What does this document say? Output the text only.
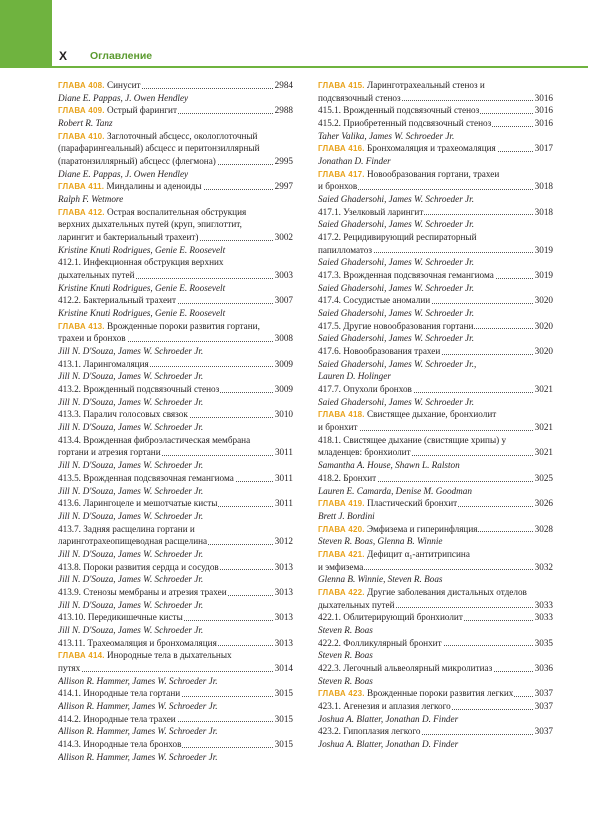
X Оглавление
ГЛАВА 408. Синусит	2984
Diane E. Pappas, J. Owen Hendley
ГЛАВА 409. Острый фарингит	2988
Robert R. Tanz
ГЛАВА 410. Заглоточный абсцесс, окологлоточный
(парафарингеальный) абсцесс и перитонзиллярный
(паратонзиллярный) абсцесс (флегмона)	2995
Diane E. Pappas, J. Owen Hendley
ГЛАВА 411. Миндалины и аденоиды	2997
Ralph F. Wetmore
ГЛАВА 412. Острая воспалительная обструкция
верхних дыхательных путей (круп, эпиглоттит,
ларингит и бактериальный трахеит)	3002
Kristine Knuti Rodrigues, Genie E. Roosevelt
412.1. Инфекционная обструкция верхних
дыхательных путей	3003
Kristine Knuti Rodrigues, Genie E. Roosevelt
412.2. Бактериальный трахеит	3007
Kristine Knuti Rodrigues, Genie E. Roosevelt
ГЛАВА 413. Врожденные пороки развития гортани,
трахеи и бронхов	3008
Jill N. D'Souza, James W. Schroeder Jr.
413.1. Ларингомаляция	3009
Jill N. D'Souza, James W. Schroeder Jr.
413.2. Врожденный подсвязочный стеноз	3009
Jill N. D'Souza, James W. Schroeder Jr.
413.3. Паралич голосовых связок	3010
Jill N. D'Souza, James W. Schroeder Jr.
413.4. Врожденная фиброэластическая мембрана
гортани и атрезия гортани	3011
Jill N. D'Souza, James W. Schroeder Jr.
413.5. Врожденная подсвязочная гемангиома	3011
Jill N. D'Souza, James W. Schroeder Jr.
413.6. Ларингоцеле и мешотчатые кисты	3011
Jill N. D'Souza, James W. Schroeder Jr.
413.7. Задняя расщелина гортани и
ларинготрахеопищеводная расщелина	3012
Jill N. D'Souza, James W. Schroeder Jr.
413.8. Пороки развития сердца и сосудов	3013
Jill N. D'Souza, James W. Schroeder Jr.
413.9. Стенозы мембраны и атрезия трахеи	3013
Jill N. D'Souza, James W. Schroeder Jr.
413.10. Передикишечные кисты	3013
Jill N. D'Souza, James W. Schroeder Jr.
413.11. Трахеомаляция и бронхомаляция	3013
ГЛАВА 414. Инородные тела в дыхательных
путях	3014
Allison R. Hammer, James W. Schroeder Jr.
414.1. Инородные тела гортани	3015
Allison R. Hammer, James W. Schroeder Jr.
414.2. Инородные тела трахеи	3015
Allison R. Hammer, James W. Schroeder Jr.
414.3. Инородные тела бронхов	3015
Allison R. Hammer, James W. Schroeder Jr.
ГЛАВА 415. Ларинготрахеальный стеноз и
подсвязочный стеноз	3016
415.1. Врожденный подсвязочный стеноз	3016
415.2. Приобретенный подсвязочный стеноз	3016
Taher Valika, James W. Schroeder Jr.
ГЛАВА 416. Бронхомаляция и трахеомаляция	3017
Jonathan D. Finder
ГЛАВА 417. Новообразования гортани, трахеи
и бронхов	3018
Saied Ghadersohi, James W. Schroeder Jr.
417.1. Узелковый ларингит	3018
Saied Ghadersohi, James W. Schroeder Jr.
417.2. Рецидивирующий респираторный
папилломатоз	3019
Saied Ghadersohi, James W. Schroeder Jr.
417.3. Врожденная подсвязочная гемангиома	3019
Saied Ghadersohi, James W. Schroeder Jr.
417.4. Сосудистые аномалии	3020
Saied Ghadersohi, James W. Schroeder Jr.
417.5. Другие новообразования гортани	3020
Saied Ghadersohi, James W. Schroeder Jr.
417.6. Новообразования трахеи	3020
Saied Ghadersohi, James W. Schroeder Jr.,
Lauren D. Holinger
417.7. Опухоли бронхов	3021
Saied Ghadersohi, James W. Schroeder Jr.
ГЛАВА 418. Свистящее дыхание, бронхиолит
и бронхит	3021
418.1. Свистящее дыхание (свистящие хрипы) у
младенцев: бронхиолит	3021
Samantha A. House, Shawn L. Ralston
418.2. Бронхит	3025
Lauren E. Camarda, Denise M. Goodman
ГЛАВА 419. Пластический бронхит	3026
Brett J. Bordini
ГЛАВА 420. Эмфизема и гиперинфляция	3028
Steven R. Boas, Glenna B. Winnie
ГЛАВА 421. Дефицит $\alpha_1$-антитрипсина
и эмфизема	3032
Glenna B. Winnie, Steven R. Boas
ГЛАВА 422. Другие заболевания дистальных отделов
дыхательных путей	3033
422.1. Облитерирующий бронхиолит	3033
Steven R. Boas
422.2. Фолликулярный бронхит	3035
Steven R. Boas
422.3. Легочный альвеолярный микролитиаз	3036
Steven R. Boas
ГЛАВА 423. Врожденные пороки развития легких 3037
423.1. Агенезия и аплазия легкого	3037
Joshua A. Blatter, Jonathan D. Finder
423.2. Гипоплазия легкого	3037
Joshua A. Blatter, Jonathan D. Finder
